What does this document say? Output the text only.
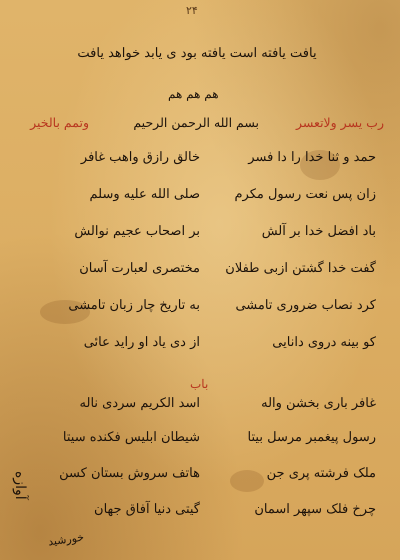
۲۴
یافت یافته است یافته بود ی یابد خواهد یافت
هم هم هم
رب یسر ولاتعسر
بسم الله الرحمن الرحیم
وتمم بالخیر
حمد و ثنا خدا را دا فسر
خالق رازق واهب غافر
زان پس نعت رسول مکرم
صلی الله علیه وسلم
باد افضل خدا بر آلش
بر اصحاب عجیم نوالش
گفت خدا گشتن ازبی طفلان
مختصری لعبارت آسان
کرد نصاب ضروری تامشی
به تاریخ چار زبان تامشی
کو بینه دروی دانایی
از دی یاد او راید عائی
باب
غافر باری بخشن واله
اسد الکریم سردی ناله
رسول پیغمبر مرسل بیتا
شیطان ابلیس فکنده سیتا
ملک فرشته پری جن
هاتف سروش بستان کسن
چرخ فلک سپهر اسمان
گیتی دنیا آفاق جهان
آوازه
خورشید
